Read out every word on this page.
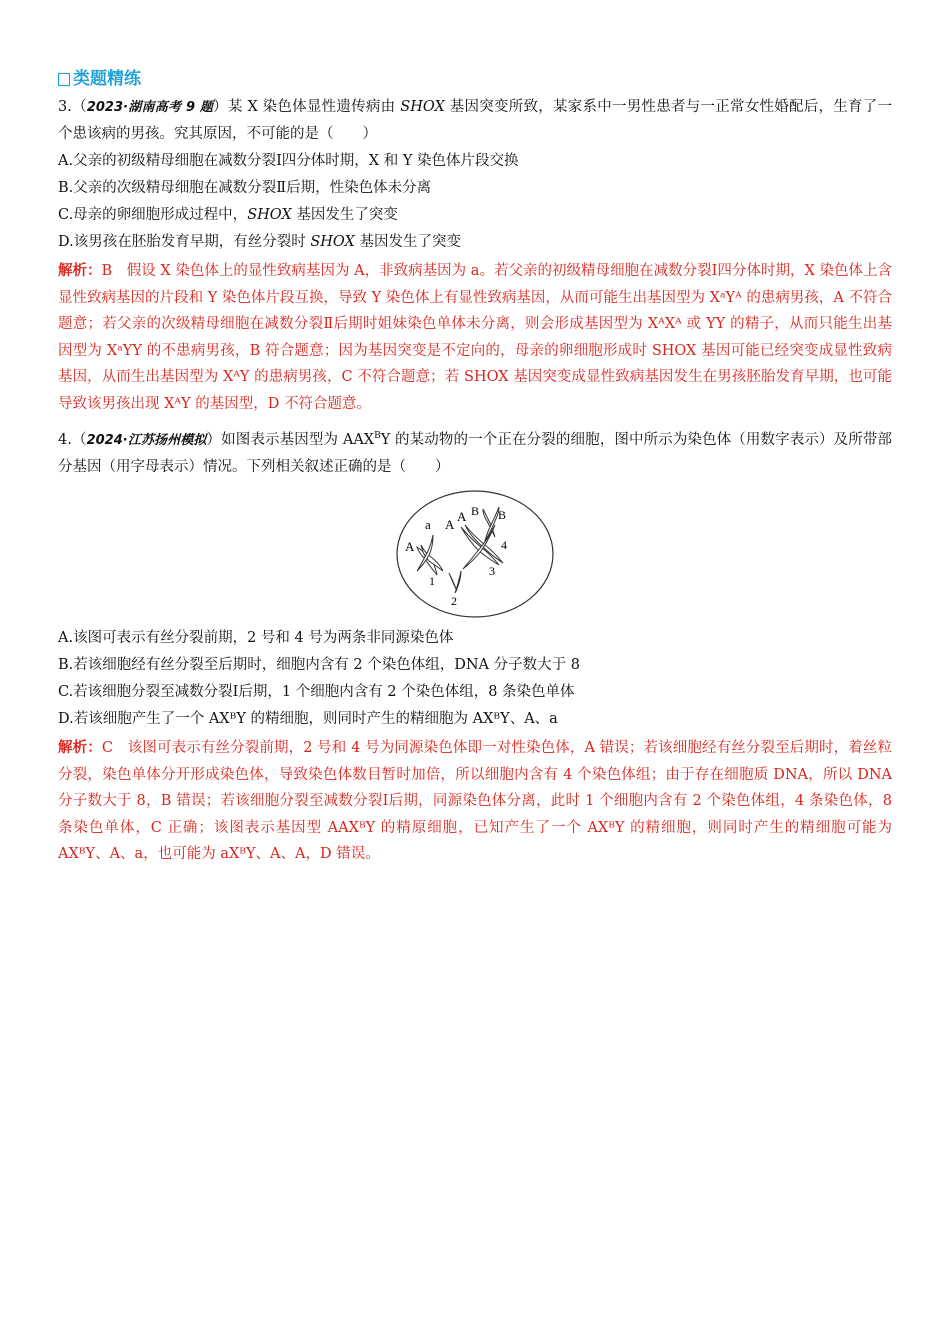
类题精练
3.（2023·湖南高考 9 题）某 X 染色体显性遗传病由 SHOX 基因突变所致，某家系中一男性患者与一正常女性婚配后，生育了一个患该病的男孩。究其原因，不可能的是（　　）
A.父亲的初级精母细胞在减数分裂Ⅰ四分体时期，X 和 Y 染色体片段交换
B.父亲的次级精母细胞在减数分裂Ⅱ后期，性染色体未分离
C.母亲的卵细胞形成过程中，SHOX 基因发生了突变
D.该男孩在胚胎发育早期，有丝分裂时 SHOX 基因发生了突变
解析：B　假设 X 染色体上的显性致病基因为 A，非致病基因为 a。若父亲的初级精母细胞在减数分裂Ⅰ四分体时期，X 染色体上含显性致病基因的片段和 Y 染色体片段互换，导致 Y 染色体上有显性致病基因，从而可能生出基因型为 XᵃYᴬ 的患病男孩，A 不符合题意；若父亲的次级精母细胞在减数分裂Ⅱ后期时姐妹染色单体未分离，则会形成基因型为 XᴬXᴬ 或 YY 的精子，从而只能生出基因型为 XᵃYY 的不患病男孩，B 符合题意；因为基因突变是不定向的，母亲的卵细胞形成时 SHOX 基因可能已经突变成显性致病基因，从而生出基因型为 XᴬY 的患病男孩，C 不符合题意；若 SHOX 基因突变成显性致病基因发生在男孩胚胎发育早期，也可能导致该男孩出现 XᴬY 的基因型，D 不符合题意。
4.（2024·江苏扬州模拟）如图表示基因型为 $AAX^BY$ 的某动物的一个正在分裂的细胞，图中所示为染色体（用数字表示）及所带部分基因（用字母表示）情况。下列相关叙述正确的是（　　）
A
a A
A B B
1
2
3
4
A.该图可表示有丝分裂前期，2 号和 4 号为两条非同源染色体
B.若该细胞经有丝分裂至后期时，细胞内含有 2 个染色体组，DNA 分子数大于 8
C.若该细胞分裂至减数分裂Ⅰ后期，1 个细胞内含有 2 个染色体组，8 条染色单体
D.若该细胞产生了一个 AXᴮY 的精细胞，则同时产生的精细胞为 AXᴮY、A、a
解析：C　该图可表示有丝分裂前期，2 号和 4 号为同源染色体即一对性染色体，A 错误；若该细胞经有丝分裂至后期时，着丝粒分裂，染色单体分开形成染色体，导致染色体数目暂时加倍，所以细胞内含有 4 个染色体组；由于存在细胞质 DNA，所以 DNA 分子数大于 8，B 错误；若该细胞分裂至减数分裂Ⅰ后期，同源染色体分离，此时 1 个细胞内含有 2 个染色体组，4 条染色体，8 条染色单体，C 正确；该图表示基因型 AAXᴮY 的精原细胞，已知产生了一个 AXᴮY 的精细胞，则同时产生的精细胞可能为 AXᴮY、A、a，也可能为 aXᴮY、A、A，D 错误。
